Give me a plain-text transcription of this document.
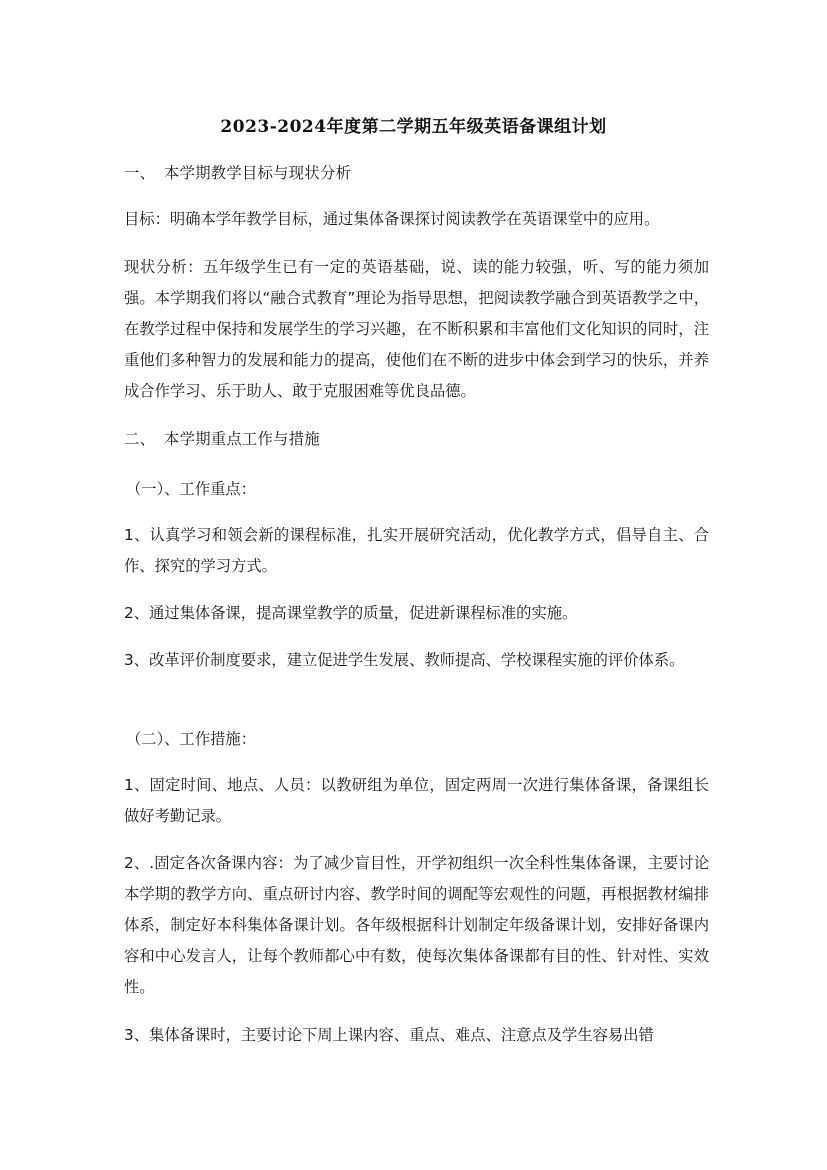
2023-2024年度第二学期五年级英语备课组计划
一、 本学期教学目标与现状分析

目标：明确本学年教学目标，通过集体备课探讨阅读教学在英语课堂中的应用。

现状分析：五年级学生已有一定的英语基础，说、读的能力较强，听、写的能力须加强。本学期我们将以“融合式教育”理论为指导思想，把阅读教学融合到英语教学之中，在教学过程中保持和发展学生的学习兴趣，在不断积累和丰富他们文化知识的同时，注重他们多种智力的发展和能力的提高，使他们在不断的进步中体会到学习的快乐，并养成合作学习、乐于助人、敢于克服困难等优良品德。

二、 本学期重点工作与措施
（一）、工作重点：

1、认真学习和领会新的课程标准，扎实开展研究活动，优化教学方式，倡导自主、合作、探究的学习方式。

2、通过集体备课，提高课堂教学的质量，促进新课程标准的实施。

3、改革评价制度要求，建立促进学生发展、教师提高、学校课程实施的评价体系。

（二）、工作措施：

1、固定时间、地点、人员：以教研组为单位，固定两周一次进行集体备课，备课组长做好考勤记录。

2、.固定各次备课内容：为了减少盲目性，开学初组织一次全科性集体备课，主要讨论本学期的教学方向、重点研讨内容、教学时间的调配等宏观性的问题，再根据教材编排体系，制定好本科集体备课计划。各年级根据科计划制定年级备课计划，安排好备课内容和中心发言人，让每个教师都心中有数，使每次集体备课都有目的性、针对性、实效性。

3、集体备课时，主要讨论下周上课内容、重点、难点、注意点及学生容易出错
